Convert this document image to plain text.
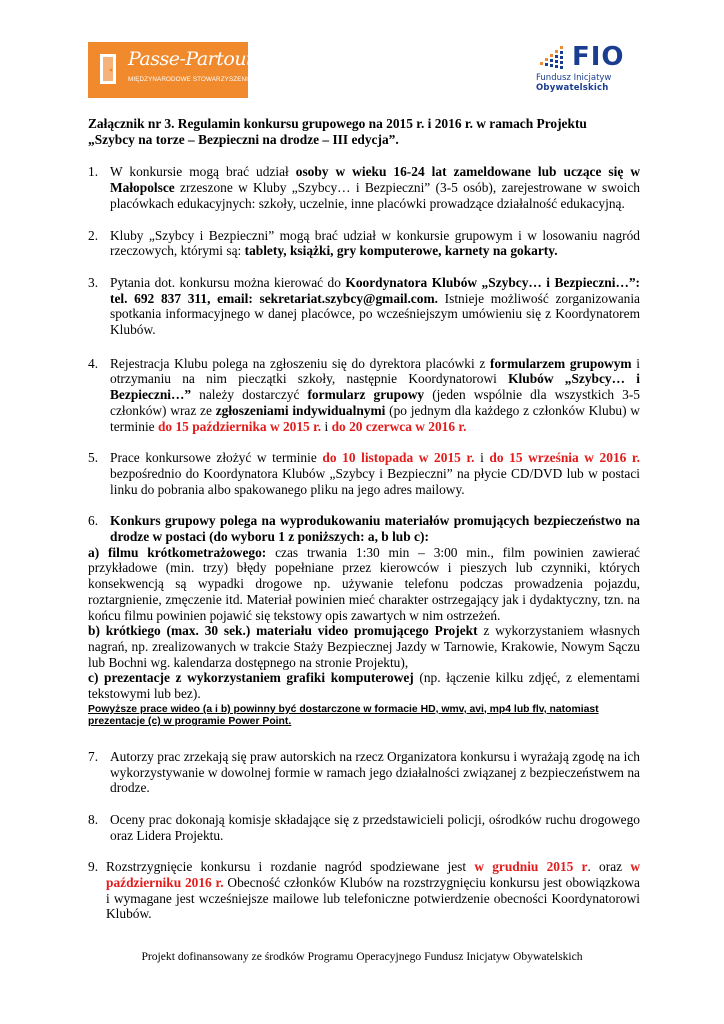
Passe-Partout
MIĘDZYNARODOWE STOWARZYSZENIE
FIO
Fundusz Inicjatyw
Obywatelskich

Załącznik nr 3. Regulamin konkursu grupowego na 2015 r. i 2016 r. w ramach Projektu

„Szybcy na torze – Bezpieczni na drodze – III edycja”.

1. W konkursie mogą brać udział osoby w wieku 16-24 lat zameldowane lub uczące się w Małopolsce zrzeszone w Kluby „Szybcy… i Bezpieczni” (3-5 osób), zarejestrowane w swoich placówkach edukacyjnych: szkoły, uczelnie, inne placówki prowadzące działalność edukacyjną.
2. Kluby „Szybcy i Bezpieczni” mogą brać udział w konkursie grupowym i w losowaniu nagród rzeczowych, którymi są: tablety, książki, gry komputerowe, karnety na gokarty.
3. Pytania dot. konkursu można kierować do Koordynatora Klubów „Szybcy… i Bezpieczni…”: tel. 692 837 311, email: sekretariat.szybcy@gmail.com. Istnieje możliwość zorganizowania spotkania informacyjnego w danej placówce, po wcześniejszym umówieniu się z Koordynatorem Klubów.
4. Rejestracja Klubu polega na zgłoszeniu się do dyrektora placówki z formularzem grupowym i otrzymaniu na nim pieczątki szkoły, następnie Koordynatorowi Klubów „Szybcy… i Bezpieczni…” należy dostarczyć formularz grupowy (jeden wspólnie dla wszystkich 3-5 członków) wraz ze zgłoszeniami indywidualnymi (po jednym dla każdego z członków Klubu) w terminie do 15 października w 2015 r. i do 20 czerwca w 2016 r.
5. Prace konkursowe złożyć w terminie do 10 listopada w 2015 r. i do 15 września w 2016 r. bezpośrednio do Koordynatora Klubów „Szybcy i Bezpieczni” na płycie CD/DVD lub w postaci linku do pobrania albo spakowanego pliku na jego adres mailowy.
6. Konkurs grupowy polega na wyprodukowaniu materiałów promujących bezpieczeństwo na drodze w postaci (do wyboru 1 z poniższych: a, b lub c):

a) filmu krótkometrażowego: czas trwania 1:30 min – 3:00 min., film powinien zawierać przykładowe (min. trzy) błędy popełniane przez kierowców i pieszych lub czynniki, których konsekwencją są wypadki drogowe np. używanie telefonu podczas prowadzenia pojazdu, roztargnienie, zmęczenie itd. Materiał powinien mieć charakter ostrzegający jak i dydaktyczny, tzn. na końcu filmu powinien pojawić się tekstowy opis zawartych w nim ostrzeżeń.

b) krótkiego (max. 30 sek.) materiału video promującego Projekt z wykorzystaniem własnych nagrań, np. zrealizowanych w trakcie Staży Bezpiecznej Jazdy w Tarnowie, Krakowie, Nowym Sączu lub Bochni wg. kalendarza dostępnego na stronie Projektu),

c) prezentacje z wykorzystaniem grafiki komputerowej (np. łączenie kilku zdjęć, z elementami tekstowymi lub bez).

Powyższe prace wideo (a i b) powinny być dostarczone w formacie HD, wmv, avi, mp4 lub flv, natomiast prezentacje (c) w programie Power Point.

7. Autorzy prac zrzekają się praw autorskich na rzecz Organizatora konkursu i wyrażają zgodę na ich wykorzystywanie w dowolnej formie w ramach jego działalności związanej z bezpieczeństwem na drodze.
8. Oceny prac dokonają komisje składające się z przedstawicieli policji, ośrodków ruchu drogowego oraz Lidera Projektu.
9. Rozstrzygnięcie konkursu i rozdanie nagród spodziewane jest w grudniu 2015 r. oraz w październiku 2016 r. Obecność członków Klubów na rozstrzygnięciu konkursu jest obowiązkowa i wymagane jest wcześniejsze mailowe lub telefoniczne potwierdzenie obecności Koordynatorowi Klubów.
Projekt dofinansowany ze środków Programu Operacyjnego Fundusz Inicjatyw Obywatelskich
